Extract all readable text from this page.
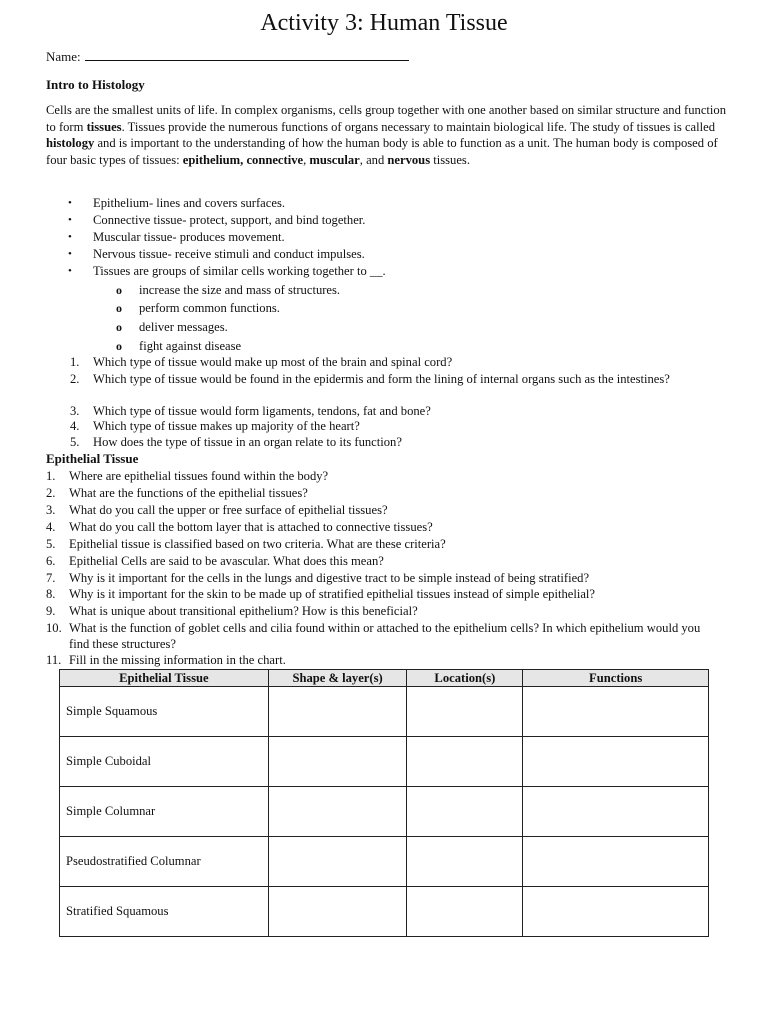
Activity 3: Human Tissue
Name:
Intro to Histology
Cells are the smallest units of life. In complex organisms, cells group together with one another based on similar structure and function to form tissues. Tissues provide the numerous functions of organs necessary to maintain biological life. The study of tissues is called histology and is important to the understanding of how the human body is able to function as a unit. The human body is composed of four basic types of tissues: epithelium, connective, muscular, and nervous tissues.
•	Epithelium- lines and covers surfaces.
•	Connective tissue- protect, support, and bind together.
•	Muscular tissue- produces movement.
•	Nervous tissue- receive stimuli and conduct impulses.
•	Tissues are groups of similar cells working together to __.
o increase the size and mass of structures.
o perform common functions.
o deliver messages.
o fight against disease
1. Which type of tissue would make up most of the brain and spinal cord?
2. Which type of tissue would be found in the epidermis and form the lining of internal organs such as the intestines?
3. Which type of tissue would form ligaments, tendons, fat and bone?
4. Which type of tissue makes up majority of the heart?
5. How does the type of tissue in an organ relate to its function?
Epithelial Tissue
1. Where are epithelial tissues found within the body?
2. What are the functions of the epithelial tissues?
3. What do you call the upper or free surface of epithelial tissues?
4. What do you call the bottom layer that is attached to connective tissues?
5. Epithelial tissue is classified based on two criteria. What are these criteria?
6. Epithelial Cells are said to be avascular. What does this mean?
7. Why is it important for the cells in the lungs and digestive tract to be simple instead of being stratified?
8. Why is it important for the skin to be made up of stratified epithelial tissues instead of simple epithelial?
9. What is unique about transitional epithelium? How is this beneficial?
10. What is the function of goblet cells and cilia found within or attached to the epithelium cells? In which epithelium would you find these structures?
11. Fill in the missing information in the chart.
Epithelial Tissue	Shape & layer(s)	Location(s)	Functions
Simple Squamous			
Simple Cuboidal			
Simple Columnar			
Pseudostratified Columnar			
Stratified Squamous			
